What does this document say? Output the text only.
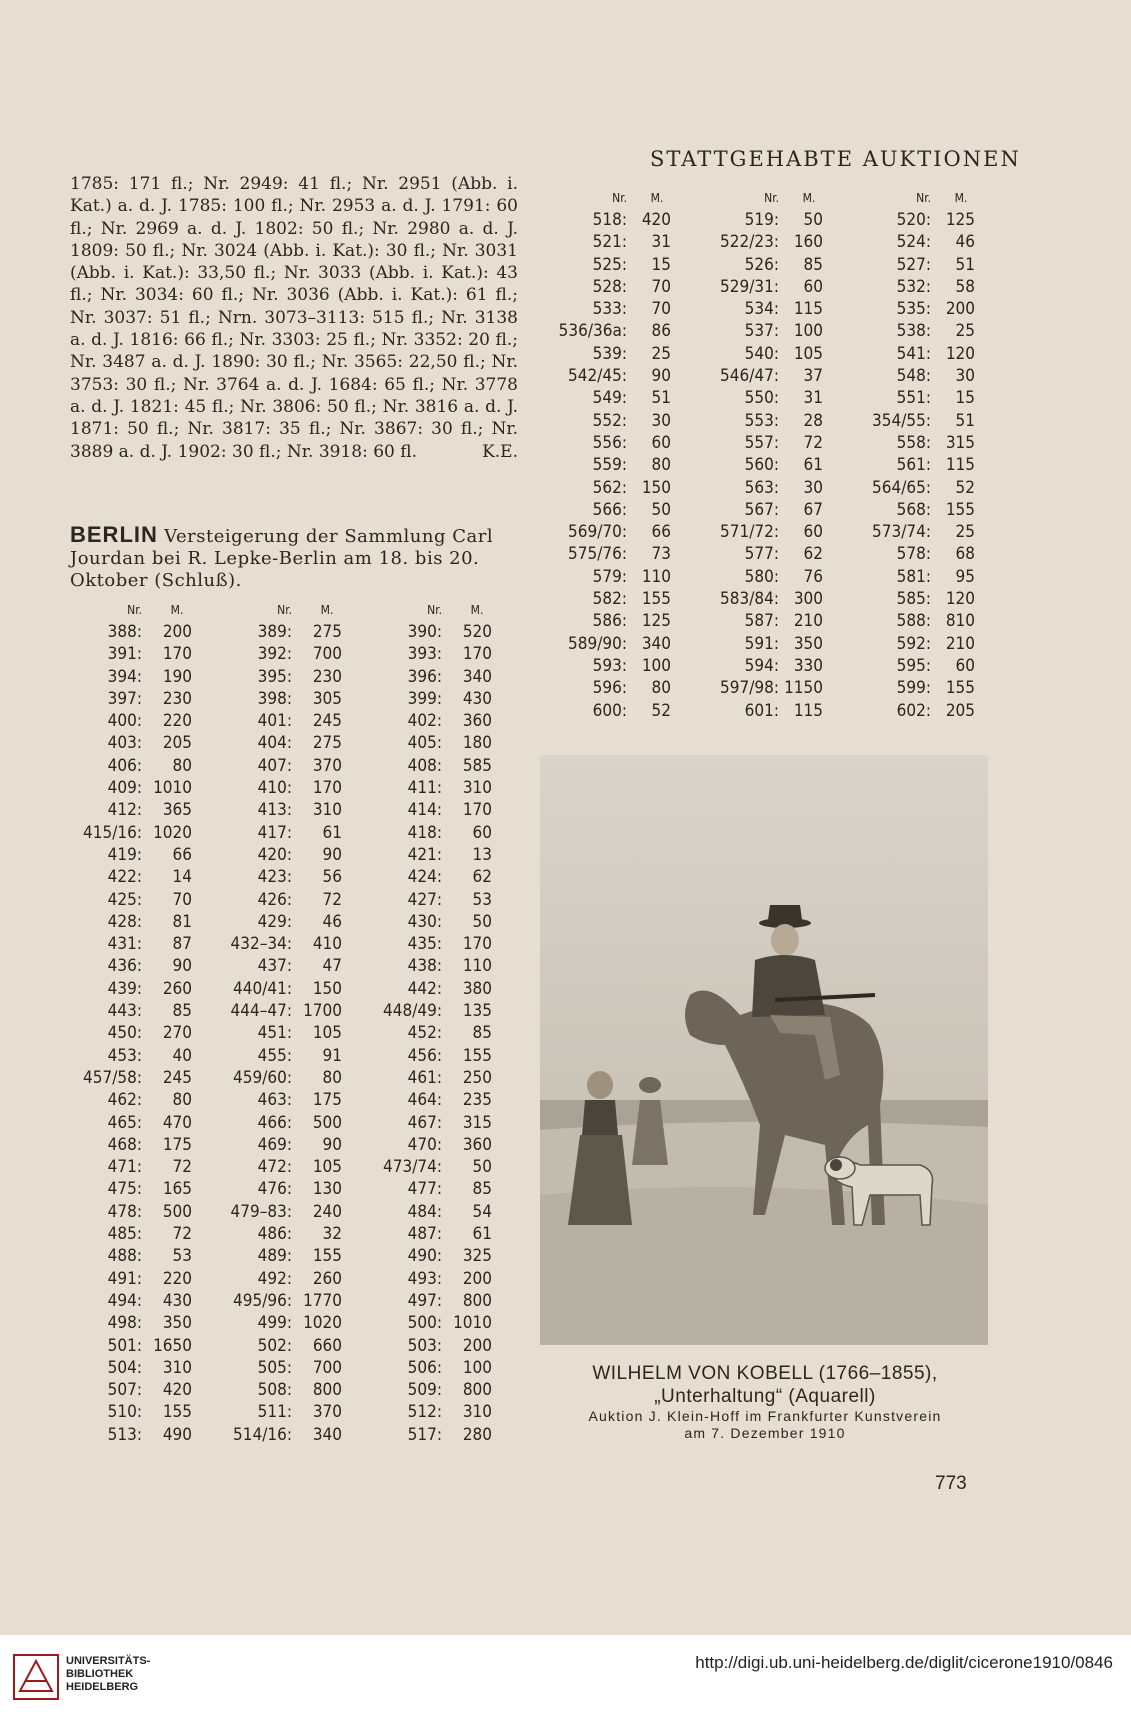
STATTGEHABTE AUKTIONEN
1785: 171 fl.; Nr. 2949: 41 fl.; Nr. 2951 (Abb. i. Kat.) a. d. J. 1785: 100 fl.; Nr. 2953 a. d. J. 1791: 60 fl.; Nr. 2969 a. d. J. 1802: 50 fl.; Nr. 2980 a. d. J. 1809: 50 fl.; Nr. 3024 (Abb. i. Kat.): 30 fl.; Nr. 3031 (Abb. i. Kat.): 33,50 fl.; Nr. 3033 (Abb. i. Kat.): 43 fl.; Nr. 3034: 60 fl.; Nr. 3036 (Abb. i. Kat.): 61 fl.; Nr. 3037: 51 fl.; Nrn. 3073–3113: 515 fl.; Nr. 3138 a. d. J. 1816: 66 fl.; Nr. 3303: 25 fl.; Nr. 3352: 20 fl.; Nr. 3487 a. d. J. 1890: 30 fl.; Nr. 3565: 22,50 fl.; Nr. 3753: 30 fl.; Nr. 3764 a. d. J. 1684: 65 fl.; Nr. 3778 a. d. J. 1821: 45 fl.; Nr. 3806: 50 fl.; Nr. 3816 a. d. J. 1871: 50 fl.; Nr. 3817: 35 fl.; Nr. 3867: 30 fl.; Nr. 3889 a. d. J. 1902: 30 fl.; Nr. 3918: 60 fl.	K.E.
BERLIN Versteigerung der Sammlung Carl Jourdan bei R. Lepke-Berlin am 18. bis 20. Oktober (Schluß).
Nr.	M.	Nr.	M.	Nr.	M.
388:	200	389:	275	390:	520
391:	170	392:	700	393:	170
394:	190	395:	230	396:	340
397:	230	398:	305	399:	430
400:	220	401:	245	402:	360
403:	205	404:	275	405:	180
406:	80	407:	370	408:	585
409: 1010	410:	170	411:	310
412:	365	413:	310	414:	170
415/16: 1020	417:	61	418:	60
419:	66	420:	90	421:	13
422:	14	423:	56	424:	62
425:	70	426:	72	427:	53
428:	81	429:	46	430:	50
431:	87	432–34:	410	435:	170
436:	90	437:	47	438:	110
439:	260	440/41:	150	442:	380
443:	85	444–47: 1700	448/49:	135
450:	270	451:	105	452:	85
453:	40	455:	91	456:	155
457/58:	245	459/60:	80	461:	250
462:	80	463:	175	464:	235
465:	470	466:	500	467:	315
468:	175	469:	90	470:	360
471:	72	472:	105	473/74:	50
475:	165	476:	130	477:	85
478:	500	479–83:	240	484:	54
485:	72	486:	32	487:	61
488:	53	489:	155	490:	325
491:	220	492:	260	493:	200
494:	430	495/96: 1770	497:	800
498:	350	499: 1020	500: 1010
501: 1650	502:	660	503:	200
504:	310	505:	700	506:	100
507:	420	508:	800	509:	800
510:	155	511:	370	512:	310
513:	490	514/16:	340	517:	280
Nr.	M.	Nr.	M.	Nr.	M.
518: 420	519:	50	520: 125
521:	31	522/23: 160	524:	46
525:	15	526:	85	527:	51
528:	70	529/31:	60	532:	58
533:	70	534: 115	535: 200
536/36a:	86	537: 100	538:	25
539:	25	540: 105	541: 120
542/45:	90	546/47:	37	548:	30
549:	51	550:	31	551:	15
552:	30	553:	28	354/55:	51
556:	60	557:	72	558: 315
559:	80	560:	61	561: 115
562: 150	563:	30	564/65:	52
566:	50	567:	67	568: 155
569/70:	66	571/72:	60	573/74:	25
575/76:	73	577:	62	578:	68
579: 110	580:	76	581:	95
582: 155	583/84: 300	585: 120
586: 125	587: 210	588: 810
589/90: 340	591: 350	592: 210
593: 100	594: 330	595:	60
596:	80	597/98: 1150	599: 155
600:	52	601: 115	602: 205
WILHELM VON KOBELL (1766–1855), „Unterhaltung“ (Aquarell)
Auktion J. Klein-Hoff im Frankfurter Kunstverein
am 7. Dezember 1910
773
UNIVERSITÄTS-
BIBLIOTHEK
HEIDELBERG
http://digi.ub.uni-heidelberg.de/diglit/cicerone1910/0846
